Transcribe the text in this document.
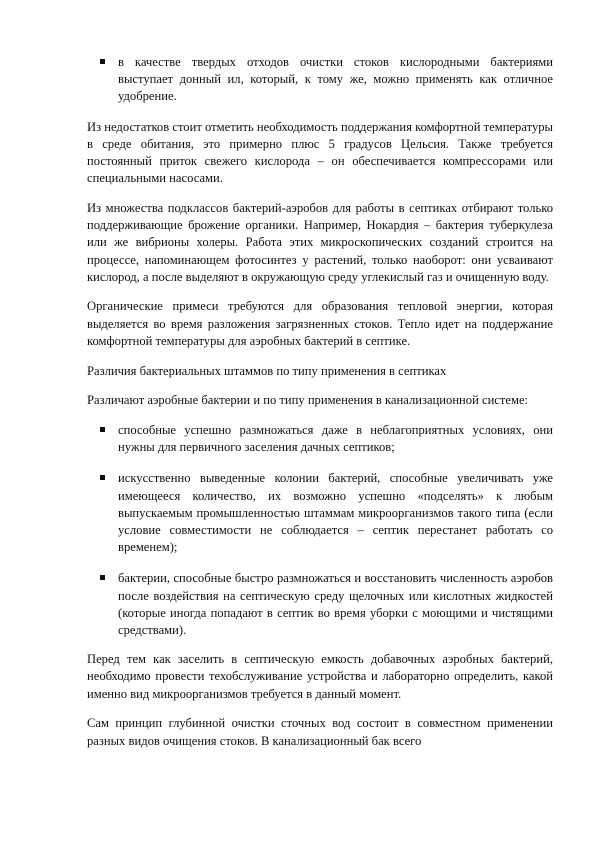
в качестве твердых отходов очистки стоков кислородными бактериями выступает донный ил, который, к тому же, можно применять как отличное удобрение.

Из недостатков стоит отметить необходимость поддержания комфортной температуры в среде обитания, это примерно плюс 5 градусов Цельсия. Также требуется постоянный приток свежего кислорода – он обеспечивается компрессорами или специальными насосами.

Из множества подклассов бактерий-аэробов для работы в септиках отбирают только поддерживающие брожение органики. Например, Нокардия – бактерия туберкулеза или же вибрионы холеры. Работа этих микроскопических созданий строится на процессе, напоминающем фотосинтез у растений, только наоборот: они усваивают кислород, а после выделяют в окружающую среду углекислый газ и очищенную воду.

Органические примеси требуются для образования тепловой энергии, которая выделяется во время разложения загрязненных стоков. Тепло идет на поддержание комфортной температуры для аэробных бактерий в септике.

Различия бактериальных штаммов по типу применения в септиках

Различают аэробные бактерии и по типу применения в канализационной системе:

способные успешно размножаться даже в неблагоприятных условиях, они нужны для первичного заселения дачных септиков;
искусственно выведенные колонии бактерий, способные увеличивать уже имеющееся количество, их возможно успешно «подселять» к любым выпускаемым промышленностью штаммам микроорганизмов такого типа (если условие совместимости не соблюдается – септик перестанет работать со временем);
бактерии, способные быстро размножаться и восстановить численность аэробов после воздействия на септическую среду щелочных или кислотных жидкостей (которые иногда попадают в септик во время уборки с моющими и чистящими средствами).

Перед тем как заселить в септическую емкость добавочных аэробных бактерий, необходимо провести техобслуживание устройства и лабораторно определить, какой именно вид микроорганизмов требуется в данный момент.

Сам принцип глубинной очистки сточных вод состоит в совместном применении разных видов очищения стоков. В канализационный бак всего
